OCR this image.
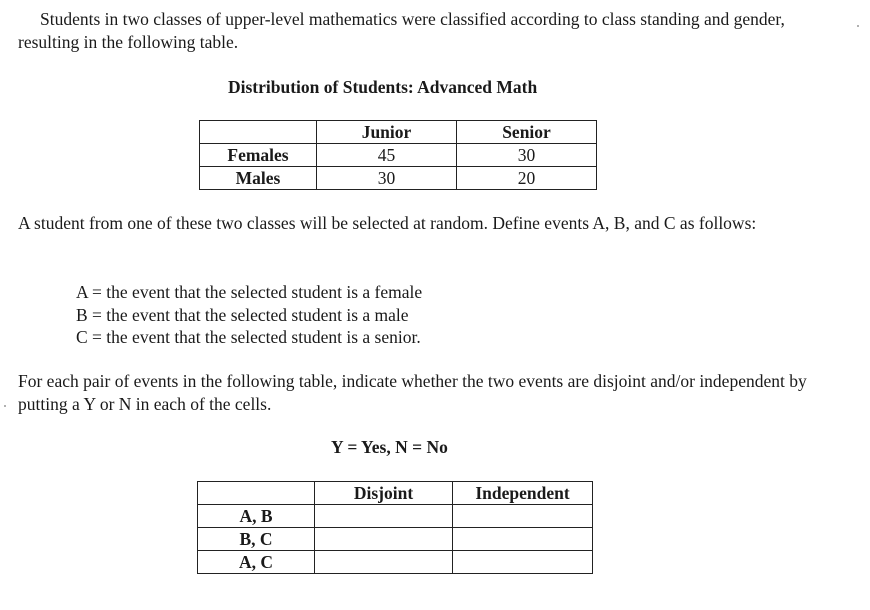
Students in two classes of upper-level mathematics were classified according to class standing and gender, resulting in the following table.

Distribution of Students: Advanced Math
	Junior	Senior
Females	45	30
Males	30	20

A student from one of these two classes will be selected at random. Define events A, B, and C as follows:

A = the event that the selected student is a female
B = the event that the selected student is a male
C = the event that the selected student is a senior.

For each pair of events in the following table, indicate whether the two events are disjoint and/or independent by putting a Y or N in each of the cells.

Y = Yes, N = No
	Disjoint	Independent
A, B		
B, C		
A, C		
